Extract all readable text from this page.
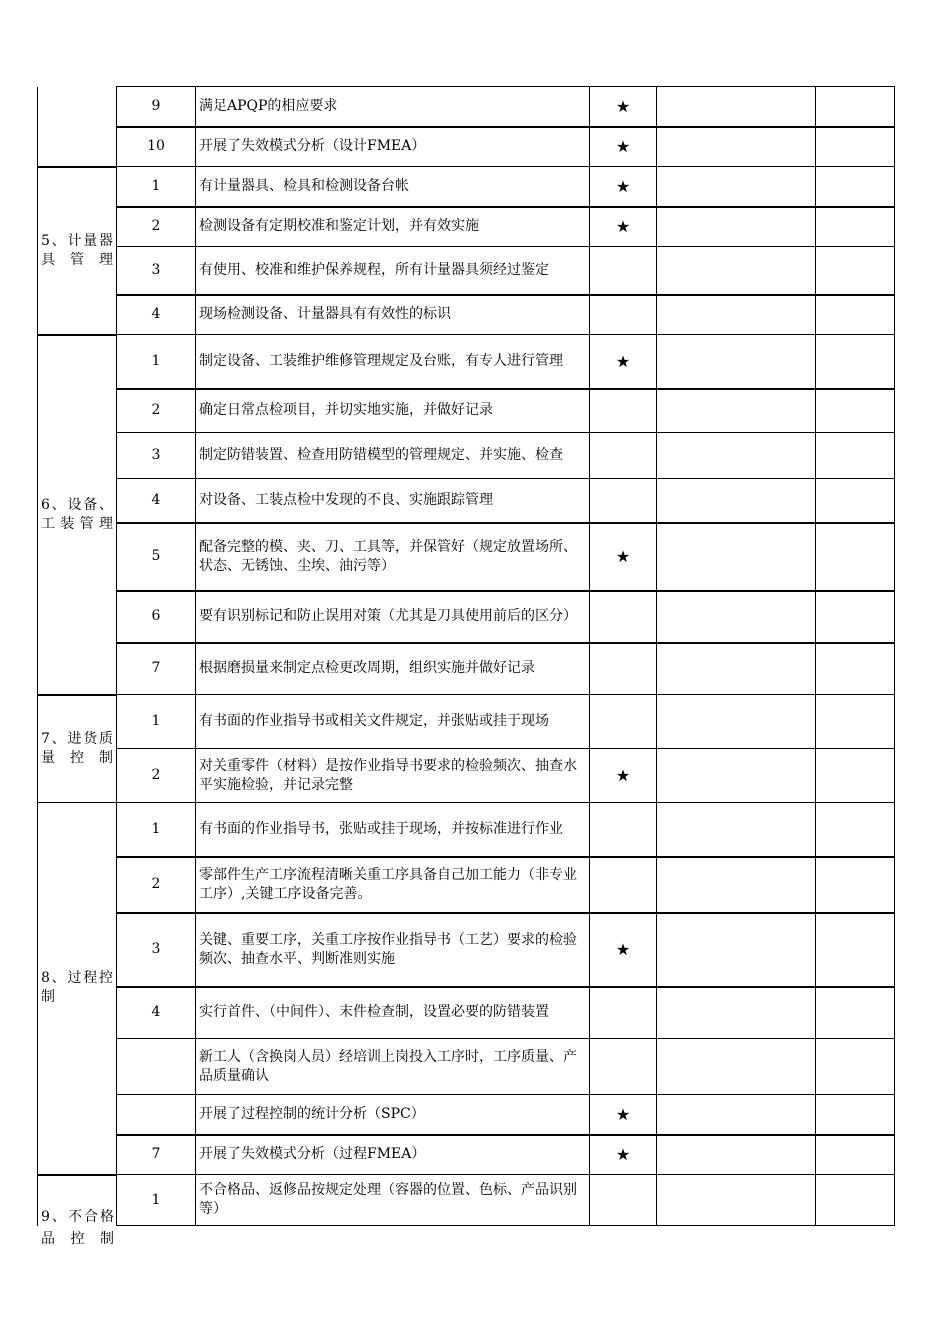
	9	满足APQP的相应要求	★		
	10	开展了失效模式分析（设计FMEA）	★		
5、计量器具管理	1	有计量器具、检具和检测设备台帐	★		
	2	检测设备有定期校准和鉴定计划，并有效实施	★		
	3	有使用、校准和维护保养规程，所有计量器具须经过鉴定			
	4	现场检测设备、计量器具有有效性的标识			
6、设备、工装管理	1	制定设备、工装维护维修管理规定及台账，有专人进行管理	★		
	2	确定日常点检项目，并切实地实施，并做好记录			
	3	制定防错装置、检查用防错模型的管理规定、并实施、检查			
	4	对设备、工装点检中发现的不良、实施跟踪管理			
	5	配备完整的模、夹、刀、工具等，并保管好（规定放置场所、状态、无锈蚀、尘埃、油污等）	★		
	6	要有识别标记和防止误用对策（尤其是刀具使用前后的区分）			
	7	根据磨损量来制定点检更改周期，组织实施并做好记录			
7、进货质量控制	1	有书面的作业指导书或相关文件规定，并张贴或挂于现场			
	2	对关重零件（材料）是按作业指导书要求的检验频次、抽查水平实施检验，并记录完整	★		
8、过程控制	1	有书面的作业指导书，张贴或挂于现场，并按标准进行作业			
	2	零部件生产工序流程清晰关重工序具备自己加工能力（非专业工序）,关键工序设备完善。			
	3	关键、重要工序，关重工序按作业指导书（工艺）要求的检验频次、抽查水平、判断准则实施	★		
	4	实行首件、（中间件）、末件检查制，设置必要的防错装置			
		新工人（含换岗人员）经培训上岗投入工序时，工序质量、产品质量确认			
		开展了过程控制的统计分析（SPC）	★		
	7	开展了失效模式分析（过程FMEA）	★		

9、不合格品控制	1	不合格品、返修品按规定处理（容器的位置、色标、产品识别等）			
